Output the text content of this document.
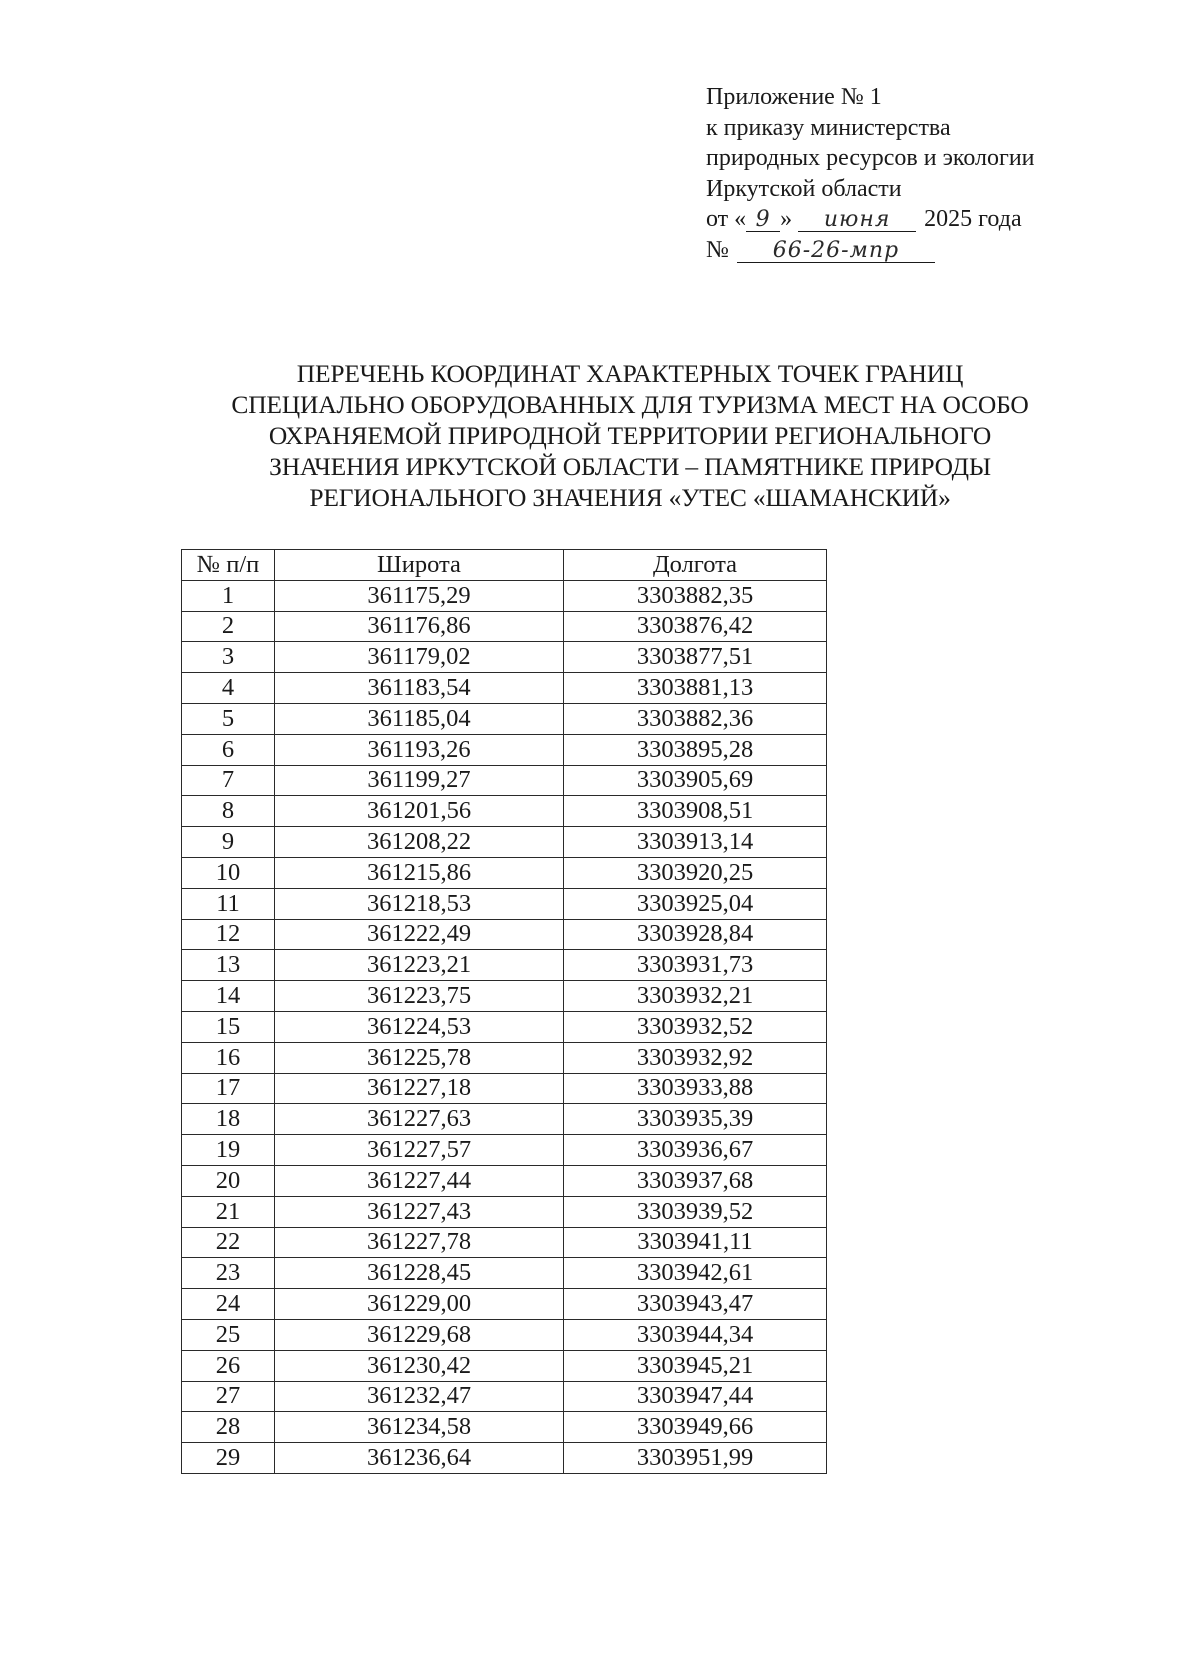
Приложение № 1
к приказу министерства
природных ресурсов и экологии
Иркутской области
от « 9 » июня 2025 года
№ 66-26-мпр
ПЕРЕЧЕНЬ КООРДИНАТ ХАРАКТЕРНЫХ ТОЧЕК ГРАНИЦ
СПЕЦИАЛЬНО ОБОРУДОВАННЫХ ДЛЯ ТУРИЗМА МЕСТ НА ОСОБО
ОХРАНЯЕМОЙ ПРИРОДНОЙ ТЕРРИТОРИИ РЕГИОНАЛЬНОГО
ЗНАЧЕНИЯ ИРКУТСКОЙ ОБЛАСТИ – ПАМЯТНИКЕ ПРИРОДЫ
РЕГИОНАЛЬНОГО ЗНАЧЕНИЯ «УТЕС «ШАМАНСКИЙ»
№ п/п	Широта	Долгота
1	361175,29	3303882,35
2	361176,86	3303876,42
3	361179,02	3303877,51
4	361183,54	3303881,13
5	361185,04	3303882,36
6	361193,26	3303895,28
7	361199,27	3303905,69
8	361201,56	3303908,51
9	361208,22	3303913,14
10	361215,86	3303920,25
11	361218,53	3303925,04
12	361222,49	3303928,84
13	361223,21	3303931,73
14	361223,75	3303932,21
15	361224,53	3303932,52
16	361225,78	3303932,92
17	361227,18	3303933,88
18	361227,63	3303935,39
19	361227,57	3303936,67
20	361227,44	3303937,68
21	361227,43	3303939,52
22	361227,78	3303941,11
23	361228,45	3303942,61
24	361229,00	3303943,47
25	361229,68	3303944,34
26	361230,42	3303945,21
27	361232,47	3303947,44
28	361234,58	3303949,66
29	361236,64	3303951,99
